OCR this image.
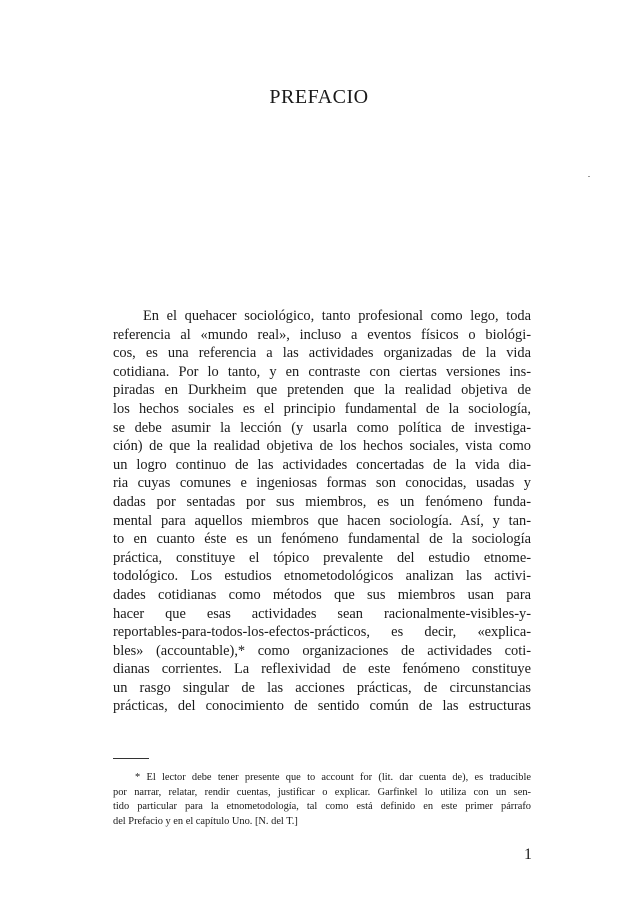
PREFACIO
En el quehacer sociológico, tanto profesional como lego, toda
referencia al «mundo real», incluso a eventos físicos o biológi-
cos, es una referencia a las actividades organizadas de la vida
cotidiana. Por lo tanto, y en contraste con ciertas versiones ins-
piradas en Durkheim que pretenden que la realidad objetiva de
los hechos sociales es el principio fundamental de la sociología,
se debe asumir la lección (y usarla como política de investiga-
ción) de que la realidad objetiva de los hechos sociales, vista como
un logro continuo de las actividades concertadas de la vida dia-
ria cuyas comunes e ingeniosas formas son conocidas, usadas y
dadas por sentadas por sus miembros, es un fenómeno funda-
mental para aquellos miembros que hacen sociología. Así, y tan-
to en cuanto éste es un fenómeno fundamental de la sociología
práctica, constituye el tópico prevalente del estudio etnome-
todológico. Los estudios etnometodológicos analizan las activi-
dades cotidianas como métodos que sus miembros usan para
hacer que esas actividades sean racionalmente-visibles-y-
reportables-para-todos-los-efectos-prácticos, es decir, «explica-
bles» (accountable),* como organizaciones de actividades coti-
dianas corrientes. La reflexividad de este fenómeno constituye
un rasgo singular de las acciones prácticas, de circunstancias
prácticas, del conocimiento de sentido común de las estructuras
* El lector debe tener presente que to account for (lit. dar cuenta de), es traducible
por narrar, relatar, rendir cuentas, justificar o explicar. Garfinkel lo utiliza con un sen-
tido particular para la etnometodología, tal como está definido en este primer párrafo
del Prefacio y en el capítulo Uno. [N. del T.]
1
